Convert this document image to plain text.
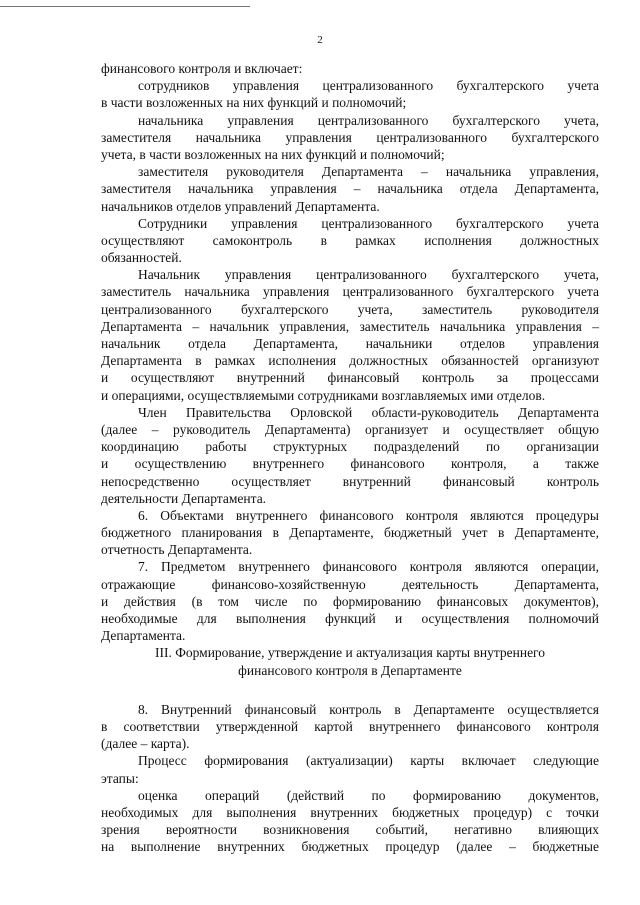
2
финансового контроля и включает:
сотрудников управления централизованного бухгалтерского учета
в части возложенных на них функций и полномочий;
начальника управления централизованного бухгалтерского учета,
заместителя начальника управления централизованного бухгалтерского
учета, в части возложенных на них функций и полномочий;
заместителя руководителя Департамента – начальника управления,
заместителя начальника управления – начальника отдела Департамента,
начальников отделов управлений Департамента.
Сотрудники управления централизованного бухгалтерского учета
осуществляют самоконтроль в рамках исполнения должностных
обязанностей.
Начальник управления централизованного бухгалтерского учета,
заместитель начальника управления централизованного бухгалтерского учета
централизованного бухгалтерского учета, заместитель руководителя
Департамента – начальник управления, заместитель начальника управления –
начальник отдела Департамента, начальники отделов управления
Департамента в рамках исполнения должностных обязанностей организуют
и осуществляют внутренний финансовый контроль за процессами
и операциями, осуществляемыми сотрудниками возглавляемых ими отделов.
Член Правительства Орловской области-руководитель Департамента
(далее – руководитель Департамента) организует и осуществляет общую
координацию работы структурных подразделений по организации
и осуществлению внутреннего финансового контроля, а также
непосредственно осуществляет внутренний финансовый контроль
деятельности Департамента.
6. Объектами внутреннего финансового контроля являются процедуры
бюджетного планирования в Департаменте, бюджетный учет в Департаменте,
отчетность Департамента.
7. Предметом внутреннего финансового контроля являются операции,
отражающие финансово-хозяйственную деятельность Департамента,
и действия (в том числе по формированию финансовых документов),
необходимые для выполнения функций и осуществления полномочий
Департамента.
III. Формирование, утверждение и актуализация карты внутреннего
финансового контроля в Департаменте
8. Внутренний финансовый контроль в Департаменте осуществляется
в соответствии утвержденной картой внутреннего финансового контроля
(далее – карта).
Процесс формирования (актуализации) карты включает следующие
этапы:
оценка операций (действий по формированию документов,
необходимых для выполнения внутренних бюджетных процедур) с точки
зрения вероятности возникновения событий, негативно влияющих
на выполнение внутренних бюджетных процедур (далее – бюджетные
